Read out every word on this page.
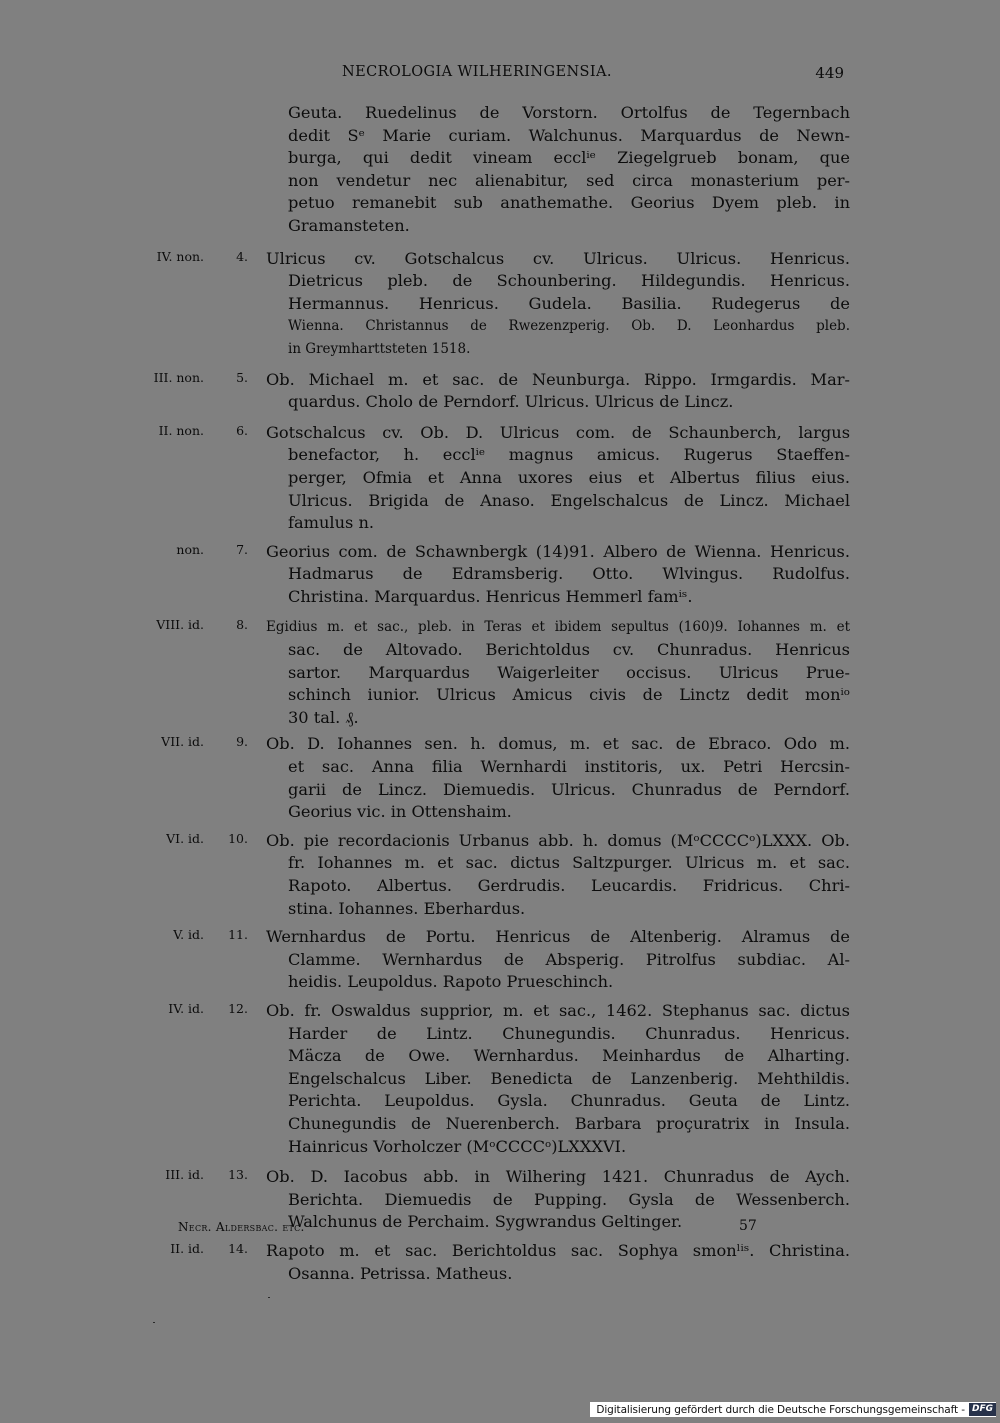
NECROLOGIA WILHERINGENSIA.	449
Geuta. Ruedelinus de Vorstorn. Ortolfus de Tegernbach
dedit Sᵉ Marie curiam. Walchunus. Marquardus de Newn-
burga, qui dedit vineam ecclⁱᵉ Ziegelgrueb bonam, que
non vendetur nec alienabitur, sed circa monasterium per-
petuo remanebit sub anathemathe. Georius Dyem pleb. in
Gramansteten.
IV. non.	4. Ulricus cv. Gotschalcus cv. Ulricus. Ulricus. Henricus.
Dietricus pleb. de Schounbering. Hildegundis. Henricus.
Hermannus. Henricus. Gudela. Basilia. Rudegerus de
Wienna. Christannus de Rwezenzperig. Ob. D. Leonhardus pleb.
in Greymharttsteten 1518.
III. non.	5. Ob. Michael m. et sac. de Neunburga. Rippo. Irmgardis. Mar-
quardus. Cholo de Perndorf. Ulricus. Ulricus de Lincz.
II. non.	6. Gotschalcus cv. Ob. D. Ulricus com. de Schaunberch, largus
benefactor, h. ecclⁱᵉ magnus amicus. Rugerus Staeffen-
perger, Ofmia et Anna uxores eius et Albertus filius eius.
Ulricus. Brigida de Anaso. Engelschalcus de Lincz. Michael
famulus n.
non.	7. Georius com. de Schawnbergk (14)91. Albero de Wienna. Henricus.
Hadmarus de Edramsberig. Otto. Wlvingus. Rudolfus.
Christina. Marquardus. Henricus Hemmerl famⁱˢ.
VIII. id.	8. Egidius m. et sac., pleb. in Teras et ibidem sepultus (160)9. Iohannes m. et
sac. de Altovado. Berichtoldus cv. Chunradus. Henricus
sartor. Marquardus Waigerleiter occisus. Ulricus Prue-
schinch iunior. Ulricus Amicus civis de Linctz dedit monⁱᵒ
30 tal. ₰.
VII. id.	9. Ob. D. Iohannes sen. h. domus, m. et sac. de Ebraco. Odo m.
et sac. Anna filia Wernhardi institoris, ux. Petri Hercsin-
garii de Lincz. Diemuedis. Ulricus. Chunradus de Perndorf.
Georius vic. in Ottenshaim.
VI. id. 10. Ob. pie recordacionis Urbanus abb. h. domus (MᵒCCCCᵒ)LXXX. Ob.
fr. Iohannes m. et sac. dictus Saltzpurger. Ulricus m. et sac.
Rapoto. Albertus. Gerdrudis. Leucardis. Fridricus. Chri-
stina. Iohannes. Eberhardus.
V. id. 11. Wernhardus de Portu. Henricus de Altenberig. Alramus de
Clamme. Wernhardus de Absperig. Pitrolfus subdiac. Al-
heidis. Leupoldus. Rapoto Prueschinch.
IV. id. 12. Ob. fr. Oswaldus supprior, m. et sac., 1462. Stephanus sac. dictus
Harder de Lintz. Chunegundis. Chunradus. Henricus.
Mäcza de Owe. Wernhardus. Meinhardus de Alharting.
Engelschalcus Liber. Benedicta de Lanzenberig. Mehthildis.
Perichta. Leupoldus. Gysla. Chunradus. Geuta de Lintz.
Chunegundis de Nuerenberch. Barbara proçuratrix in Insula.
Hainricus Vorholczer (MᵒCCCCᵒ)LXXXVI.
III. id. 13. Ob. D. Iacobus abb. in Wilhering 1421. Chunradus de Aych.
Berichta. Diemuedis de Pupping. Gysla de Wessenberch.
Walchunus de Perchaim. Sygwrandus Geltinger.
II. id. 14. Rapoto m. et sac. Berichtoldus sac. Sophya smonˡⁱˢ. Christina.
Osanna. Petrissa. Matheus.
Necr. Aldersbac. etc.	57
Digitalisierung gefördert durch die Deutsche Forschungsgemeinschaft - DFG
